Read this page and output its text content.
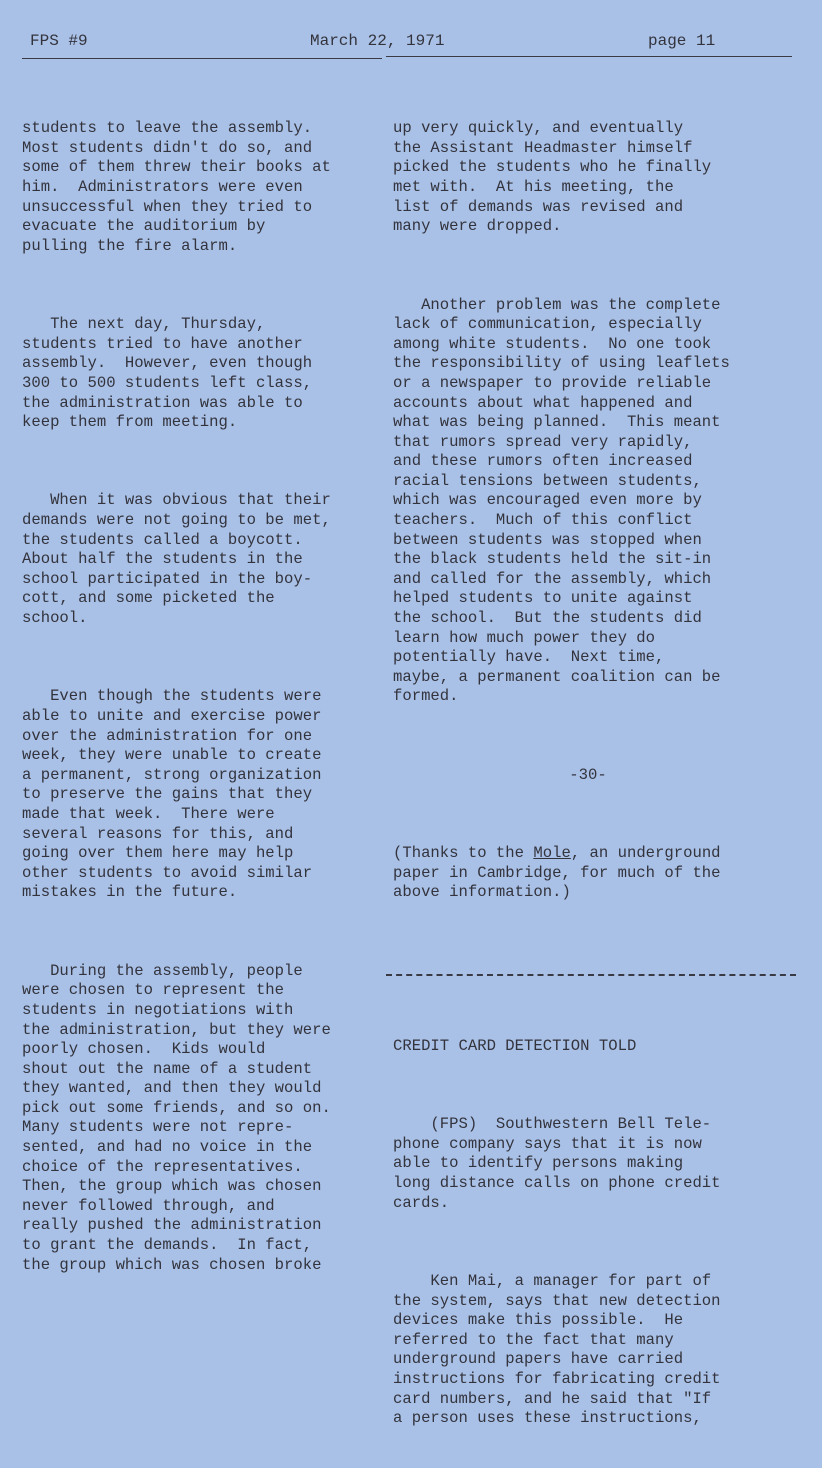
FPS #9	March 22, 1971	page 11

students to leave the assembly.
Most students didn't do so, and
some of them threw their books at
him.  Administrators were even
unsuccessful when they tried to
evacuate the auditorium by
pulling the fire alarm.

The next day, Thursday,
students tried to have another
assembly.  However, even though
300 to 500 students left class,
the administration was able to
keep them from meeting.

When it was obvious that their
demands were not going to be met,
the students called a boycott.
About half the students in the
school participated in the boy-
cott, and some picketed the
school.

Even though the students were
able to unite and exercise power
over the administration for one
week, they were unable to create
a permanent, strong organization
to preserve the gains that they
made that week.  There were
several reasons for this, and
going over them here may help
other students to avoid similar
mistakes in the future.

During the assembly, people
were chosen to represent the
students in negotiations with
the administration, but they were
poorly chosen.  Kids would
shout out the name of a student
they wanted, and then they would
pick out some friends, and so on.
Many students were not repre-
sented, and had no voice in the
choice of the representatives.
Then, the group which was chosen
never followed through, and
really pushed the administration
to grant the demands.  In fact,
the group which was chosen broke

up very quickly, and eventually
the Assistant Headmaster himself
picked the students who he finally
met with.  At his meeting, the
list of demands was revised and
many were dropped.

Another problem was the complete
lack of communication, especially
among white students.  No one took
the responsibility of using leaflets
or a newspaper to provide reliable
accounts about what happened and
what was being planned.  This meant
that rumors spread very rapidly,
and these rumors often increased
racial tensions between students,
which was encouraged even more by
teachers.  Much of this conflict
between students was stopped when
the black students held the sit-in
and called for the assembly, which
helped students to unite against
the school.  But the students did
learn how much power they do
potentially have.  Next time,
maybe, a permanent coalition can be
formed.

-30-

(Thanks to the Mole, an underground
paper in Cambridge, for much of the
above information.)

CREDIT CARD DETECTION TOLD

(FPS)  Southwestern Bell Tele-
phone company says that it is now
able to identify persons making
long distance calls on phone credit
cards.

Ken Mai, a manager for part of
the system, says that new detection
devices make this possible.  He
referred to the fact that many
underground papers have carried
instructions for fabricating credit
card numbers, and he said that "If
a person uses these instructions,
